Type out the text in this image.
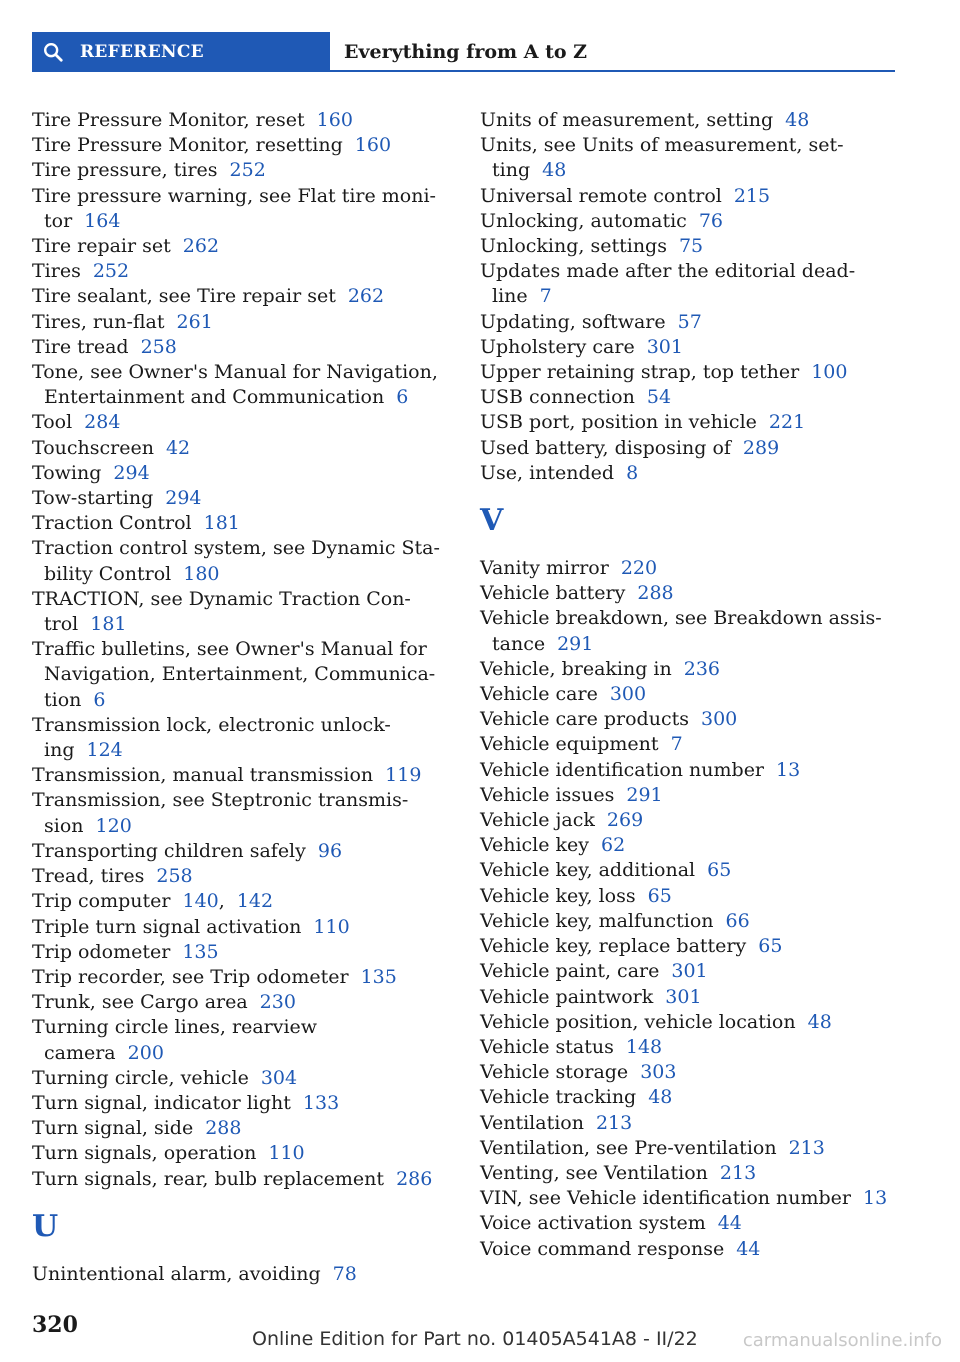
REFERENCE	Everything from A to Z
Tire Pressure Monitor, reset 160
Tire Pressure Monitor, resetting 160
Tire pressure, tires 252
Tire pressure warning, see Flat tire moni-tor 164
Tire repair set 262
Tires 252
Tire sealant, see Tire repair set 262
Tires, run-flat 261
Tire tread 258
Tone, see Owner's Manual for Navigation, Entertainment and Communication 6
Tool 284
Touchscreen 42
Towing 294
Tow-starting 294
Traction Control 181
Traction control system, see Dynamic Sta-bility Control 180
TRACTION, see Dynamic Traction Con-trol 181
Traffic bulletins, see Owner's Manual for Navigation, Entertainment, Communica-tion 6
Transmission lock, electronic unlock-ing 124
Transmission, manual transmission 119
Transmission, see Steptronic transmis-sion 120
Transporting children safely 96
Tread, tires 258
Trip computer 140, 142
Triple turn signal activation 110
Trip odometer 135
Trip recorder, see Trip odometer 135
Trunk, see Cargo area 230
Turning circle lines, rearview camera 200
Turning circle, vehicle 304
Turn signal, indicator light 133
Turn signal, side 288
Turn signals, operation 110
Turn signals, rear, bulb replacement 286
U
Unintentional alarm, avoiding 78
Units of measurement, setting 48
Units, see Units of measurement, set-ting 48
Universal remote control 215
Unlocking, automatic 76
Unlocking, settings 75
Updates made after the editorial dead-line 7
Updating, software 57
Upholstery care 301
Upper retaining strap, top tether 100
USB connection 54
USB port, position in vehicle 221
Used battery, disposing of 289
Use, intended 8
V
Vanity mirror 220
Vehicle battery 288
Vehicle breakdown, see Breakdown assis-tance 291
Vehicle, breaking in 236
Vehicle care 300
Vehicle care products 300
Vehicle equipment 7
Vehicle identification number 13
Vehicle issues 291
Vehicle jack 269
Vehicle key 62
Vehicle key, additional 65
Vehicle key, loss 65
Vehicle key, malfunction 66
Vehicle key, replace battery 65
Vehicle paint, care 301
Vehicle paintwork 301
Vehicle position, vehicle location 48
Vehicle status 148
Vehicle storage 303
Vehicle tracking 48
Ventilation 213
Ventilation, see Pre-ventilation 213
Venting, see Ventilation 213
VIN, see Vehicle identification number 13
Voice activation system 44
Voice command response 44
320
Online Edition for Part no. 01405A541A8 - II/22	carmanualsonline.info
